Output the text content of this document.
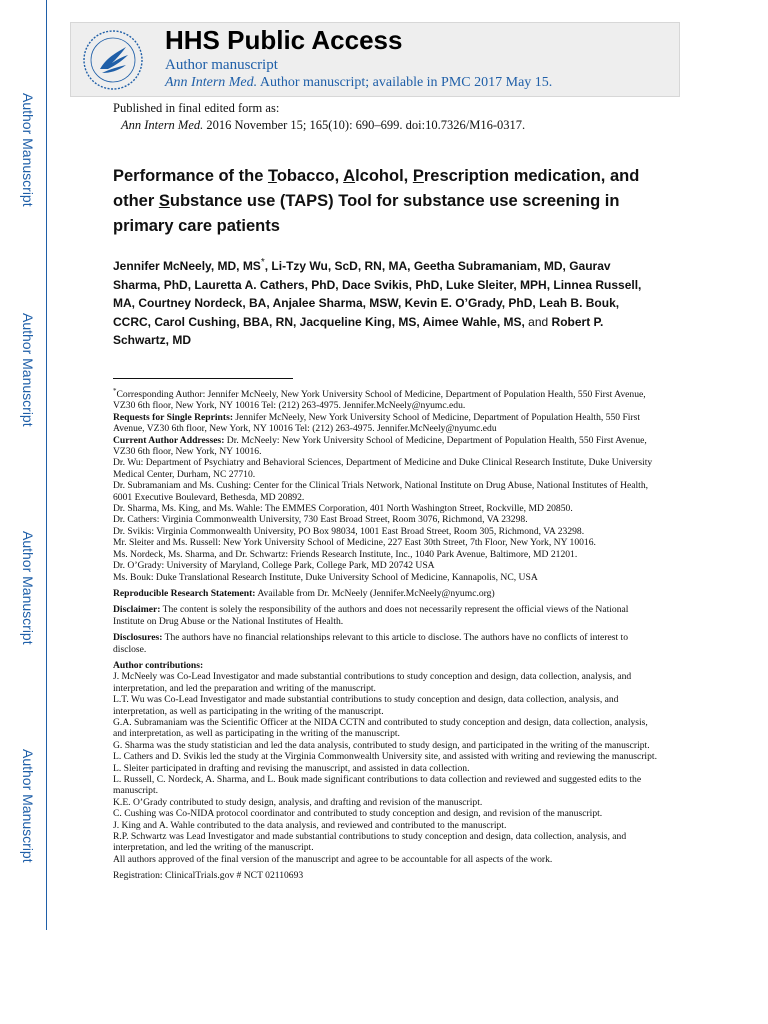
Author Manuscript
Author Manuscript
Author Manuscript
Author Manuscript
HHS Public Access
Author manuscript
Ann Intern Med. Author manuscript; available in PMC 2017 May 15.
Published in final edited form as:
Ann Intern Med. 2016 November 15; 165(10): 690–699. doi:10.7326/M16-0317.
Performance of the Tobacco, Alcohol, Prescription medication, and other Substance use (TAPS) Tool for substance use screening in primary care patients
Jennifer McNeely, MD, MS*, Li-Tzy Wu, ScD, RN, MA, Geetha Subramaniam, MD, Gaurav Sharma, PhD, Lauretta A. Cathers, PhD, Dace Svikis, PhD, Luke Sleiter, MPH, Linnea Russell, MA, Courtney Nordeck, BA, Anjalee Sharma, MSW, Kevin E. O’Grady, PhD, Leah B. Bouk, CCRC, Carol Cushing, BBA, RN, Jacqueline King, MS, Aimee Wahle, MS, and Robert P. Schwartz, MD

*Corresponding Author: Jennifer McNeely, New York University School of Medicine, Department of Population Health, 550 First Avenue, VZ30 6th floor, New York, NY 10016 Tel: (212) 263-4975. Jennifer.McNeely@nyumc.edu.

Requests for Single Reprints: Jennifer McNeely, New York University School of Medicine, Department of Population Health, 550 First Avenue, VZ30 6th floor, New York, NY 10016 Tel: (212) 263-4975. Jennifer.McNeely@nyumc.edu

Current Author Addresses: Dr. McNeely: New York University School of Medicine, Department of Population Health, 550 First Avenue, VZ30 6th floor, New York, NY 10016.

Dr. Wu: Department of Psychiatry and Behavioral Sciences, Department of Medicine and Duke Clinical Research Institute, Duke University Medical Center, Durham, NC 27710.

Dr. Subramaniam and Ms. Cushing: Center for the Clinical Trials Network, National Institute on Drug Abuse, National Institutes of Health, 6001 Executive Boulevard, Bethesda, MD 20892.

Dr. Sharma, Ms. King, and Ms. Wahle: The EMMES Corporation, 401 North Washington Street, Rockville, MD 20850.

Dr. Cathers: Virginia Commonwealth University, 730 East Broad Street, Room 3076, Richmond, VA 23298.

Dr. Svikis: Virginia Commonwealth University, PO Box 98034, 1001 East Broad Street, Room 305, Richmond, VA 23298.

Mr. Sleiter and Ms. Russell: New York University School of Medicine, 227 East 30th Street, 7th Floor, New York, NY 10016.

Ms. Nordeck, Ms. Sharma, and Dr. Schwartz: Friends Research Institute, Inc., 1040 Park Avenue, Baltimore, MD 21201.

Dr. O’Grady: University of Maryland, College Park, College Park, MD 20742 USA

Ms. Bouk: Duke Translational Research Institute, Duke University School of Medicine, Kannapolis, NC, USA

Reproducible Research Statement: Available from Dr. McNeely (Jennifer.McNeely@nyumc.org)

Disclaimer: The content is solely the responsibility of the authors and does not necessarily represent the official views of the National Institute on Drug Abuse or the National Institutes of Health.

Disclosures: The authors have no financial relationships relevant to this article to disclose. The authors have no conflicts of interest to disclose.

Author contributions:

J. McNeely was Co-Lead Investigator and made substantial contributions to study conception and design, data collection, analysis, and interpretation, and led the preparation and writing of the manuscript.

L.T. Wu was Co-Lead Investigator and made substantial contributions to study conception and design, data collection, analysis, and interpretation, as well as participating in the writing of the manuscript.

G.A. Subramaniam was the Scientific Officer at the NIDA CCTN and contributed to study conception and design, data collection, analysis, and interpretation, as well as participating in the writing of the manuscript.

G. Sharma was the study statistician and led the data analysis, contributed to study design, and participated in the writing of the manuscript.

L. Cathers and D. Svikis led the study at the Virginia Commonwealth University site, and assisted with writing and reviewing the manuscript.

L. Sleiter participated in drafting and revising the manuscript, and assisted in data collection.

L. Russell, C. Nordeck, A. Sharma, and L. Bouk made significant contributions to data collection and reviewed and suggested edits to the manuscript.

K.E. O’Grady contributed to study design, analysis, and drafting and revision of the manuscript.

C. Cushing was Co-NIDA protocol coordinator and contributed to study conception and design, and revision of the manuscript.

J. King and A. Wahle contributed to the data analysis, and reviewed and contributed to the manuscript.

R.P. Schwartz was Lead Investigator and made substantial contributions to study conception and design, data collection, analysis, and interpretation, and led the writing of the manuscript.

All authors approved of the final version of the manuscript and agree to be accountable for all aspects of the work.

Registration: ClinicalTrials.gov # NCT 02110693
